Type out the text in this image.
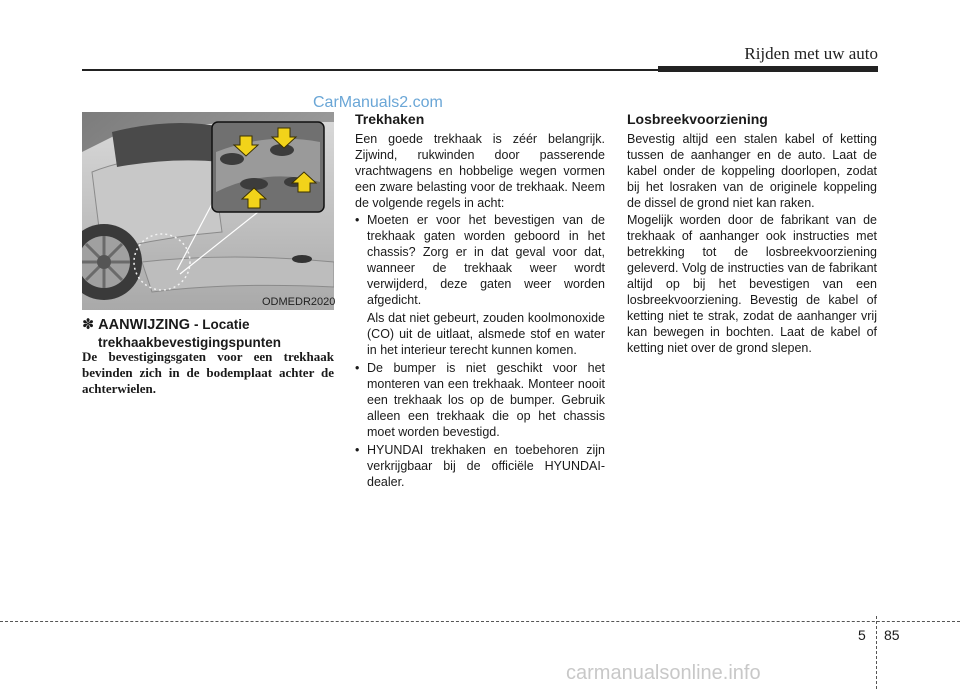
Rijden met uw auto
CarManuals2.com
ODMEDR2020
✽ AANWIJZING - Locatie
trekhaakbevestigingspunten
De bevestigingsgaten voor een trekhaak bevinden zich in de bodemplaat achter de achterwielen.
Trekhaken

Een goede trekhaak is zéér belangrijk. Zijwind, rukwinden door passerende vrachtwagens en hobbelige wegen vormen een zware belasting voor de trekhaak. Neem de volgende regels in acht:

• Moeten er voor het bevestigen van de trekhaak gaten worden geboord in het chassis? Zorg er in dat geval voor dat, wanneer de trekhaak weer wordt verwijderd, deze gaten weer worden afgedicht.
Als dat niet gebeurt, zouden koolmonoxide (CO) uit de uitlaat, alsmede stof en water in het interieur terecht kunnen komen.
• De bumper is niet geschikt voor het monteren van een trekhaak. Monteer nooit een trekhaak los op de bumper. Gebruik alleen een trekhaak die op het chassis moet worden bevestigd.
• HYUNDAI trekhaken en toebehoren zijn verkrijgbaar bij de officiële HYUNDAI-dealer.
Losbreekvoorziening

Bevestig altijd een stalen kabel of ketting tussen de aanhanger en de auto. Laat de kabel onder de koppeling doorlopen, zodat bij het losraken van de originele koppeling de dissel de grond niet kan raken.

Mogelijk worden door de fabrikant van de trekhaak of aanhanger ook instructies met betrekking tot de losbreekvoorziening geleverd. Volg de instructies van de fabrikant altijd op bij het bevestigen van een losbreekvoorziening. Bevestig de kabel of ketting niet te strak, zodat de aanhanger vrij kan bewegen in bochten. Laat de kabel of ketting niet over de grond slepen.

5 85
carmanualsonline.info
